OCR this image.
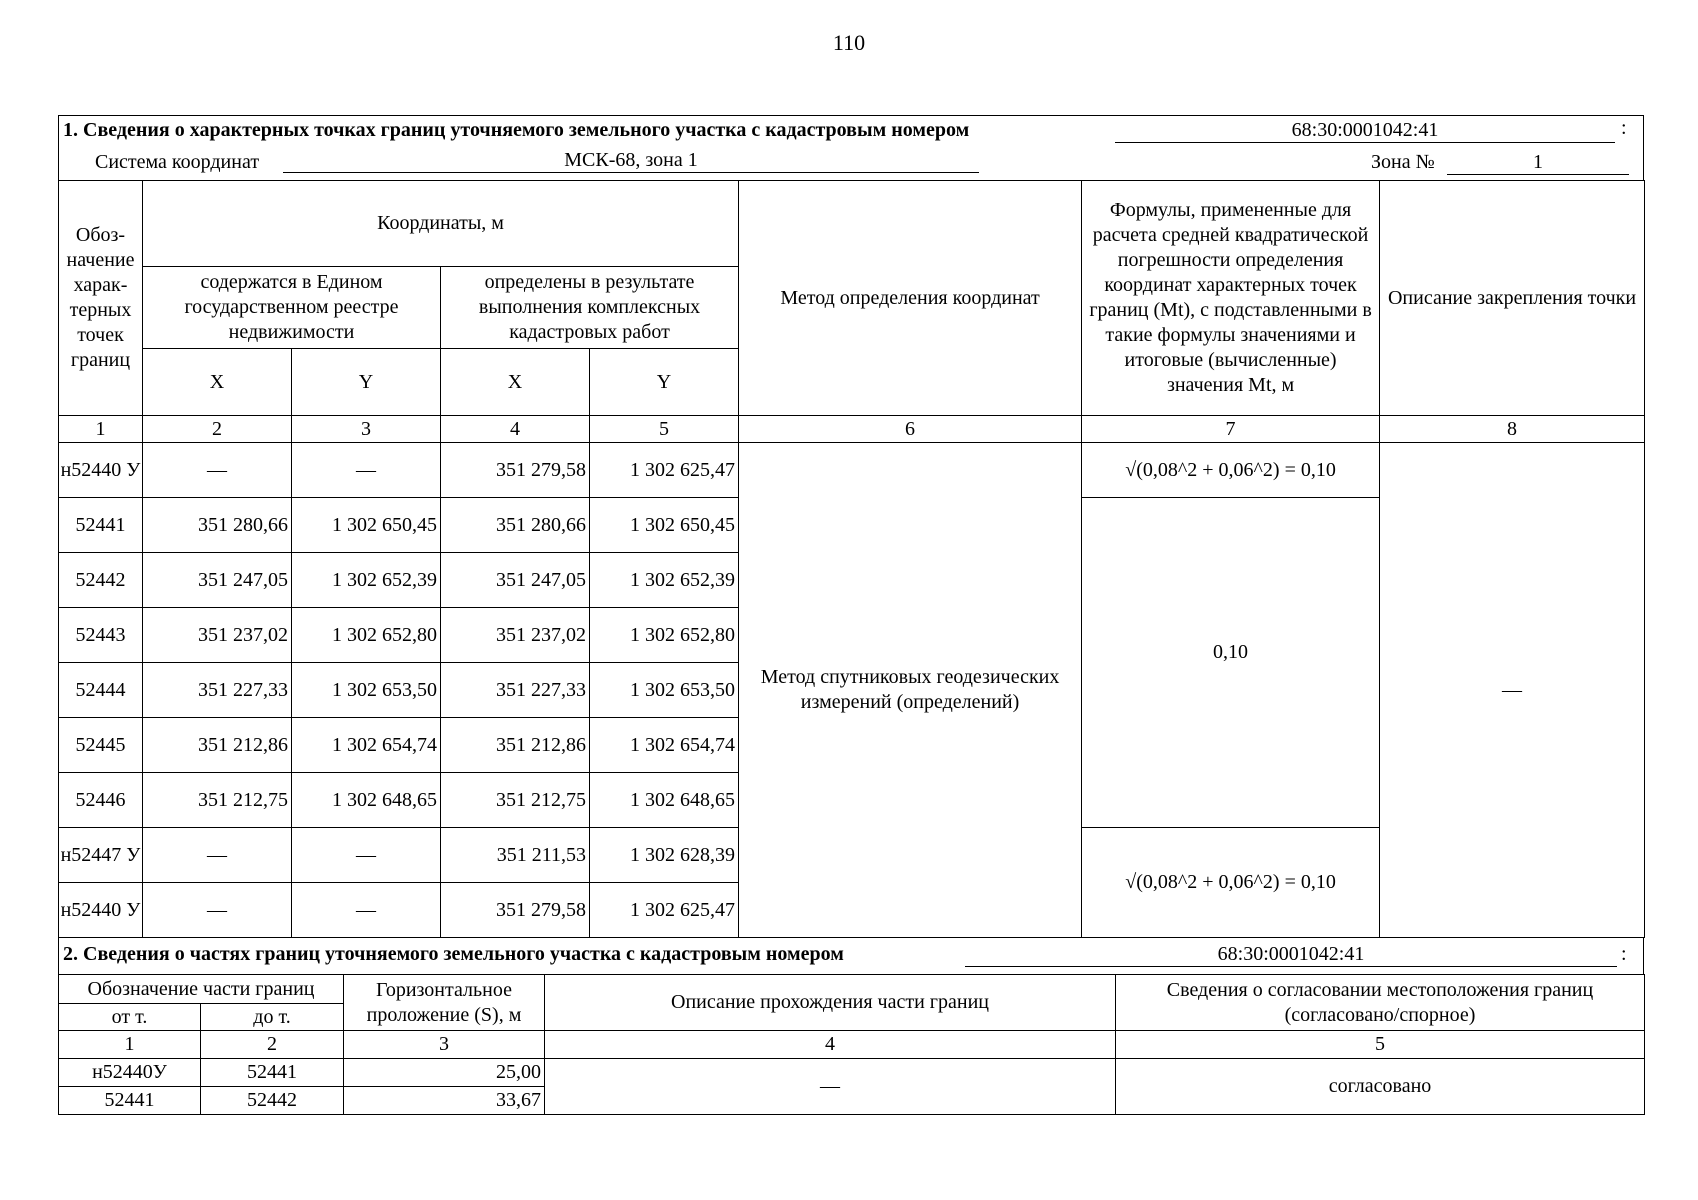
110
1. Сведения о характерных точках границ уточняемого земельного участка с кадастровым номером	68:30:0001042:41	:
Система координат	МСК-68, зона 1	Зона №	1
Обоз-начение харак-терных точек границ	Координаты, м				Метод определения координат	Формулы, примененные для расчета средней квадратической погрешности определения координат характерных точек границ (Mt), с подставленными в такие формулы значениями и итоговые (вычисленные) значения Mt, м	Описание закрепления точки
	содержатся в Едином государственном реестре недвижимости		определены в результате выполнения комплексных кадастровых работ				
	X	Y	X	Y			
1	2	3	4	5	6	7	8
н52440 У	—	—	351 279,58	1 302 625,47	Метод спутниковых геодезических измерений (определений)	√(0,08^2 + 0,06^2) = 0,10	—
52441	351 280,66	1 302 650,45	351 280,66	1 302 650,45		0,10	
52442	351 247,05	1 302 652,39	351 247,05	1 302 652,39			
52443	351 237,02	1 302 652,80	351 237,02	1 302 652,80			
52444	351 227,33	1 302 653,50	351 227,33	1 302 653,50			
52445	351 212,86	1 302 654,74	351 212,86	1 302 654,74			
52446	351 212,75	1 302 648,65	351 212,75	1 302 648,65			
н52447 У	—	—	351 211,53	1 302 628,39		√(0,08^2 + 0,06^2) = 0,10	
н52440 У	—	—	351 279,58	1 302 625,47			
2. Сведения о частях границ уточняемого земельного участка с кадастровым номером	68:30:0001042:41	:
Обозначение части границ		Горизонтальное проложение (S), м	Описание прохождения части границ	Сведения о согласовании местоположения границ (согласовано/спорное)
от т.	до т.			
1	2	3	4	5
н52440У	52441	25,00	—	согласовано
52441	52442	33,67		
